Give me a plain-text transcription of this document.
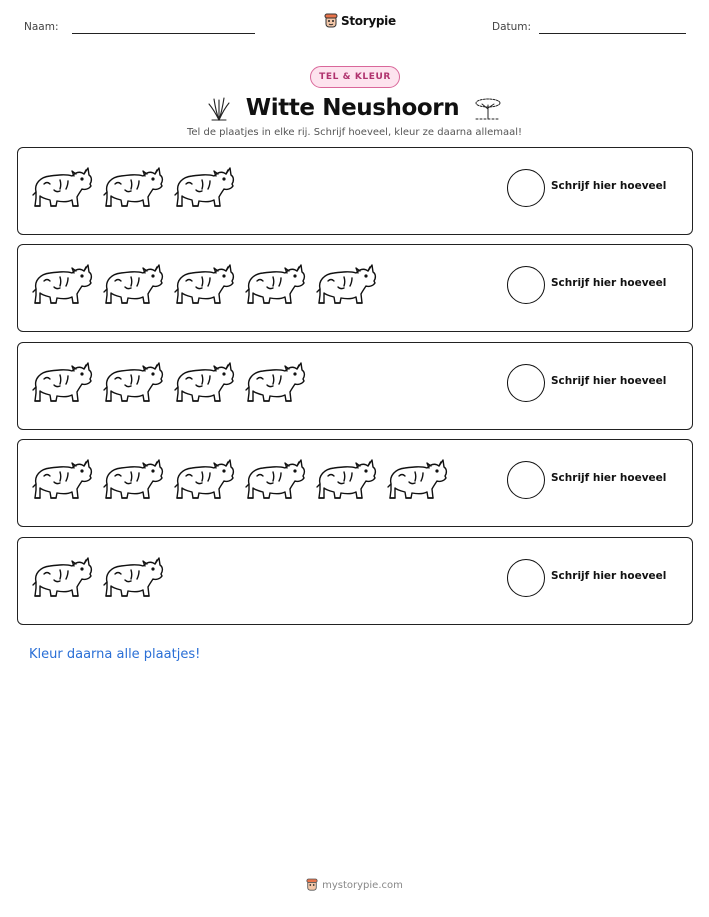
Naam:	Storypie	Datum:
TEL & KLEUR
Witte Neushoorn
Tel de plaatjes in elke rij. Schrijf hoeveel, kleur ze daarna allemaal!
Schrijf hier hoeveel
Schrijf hier hoeveel
Schrijf hier hoeveel
Schrijf hier hoeveel
Schrijf hier hoeveel
Kleur daarna alle plaatjes!
mystorypie.com
